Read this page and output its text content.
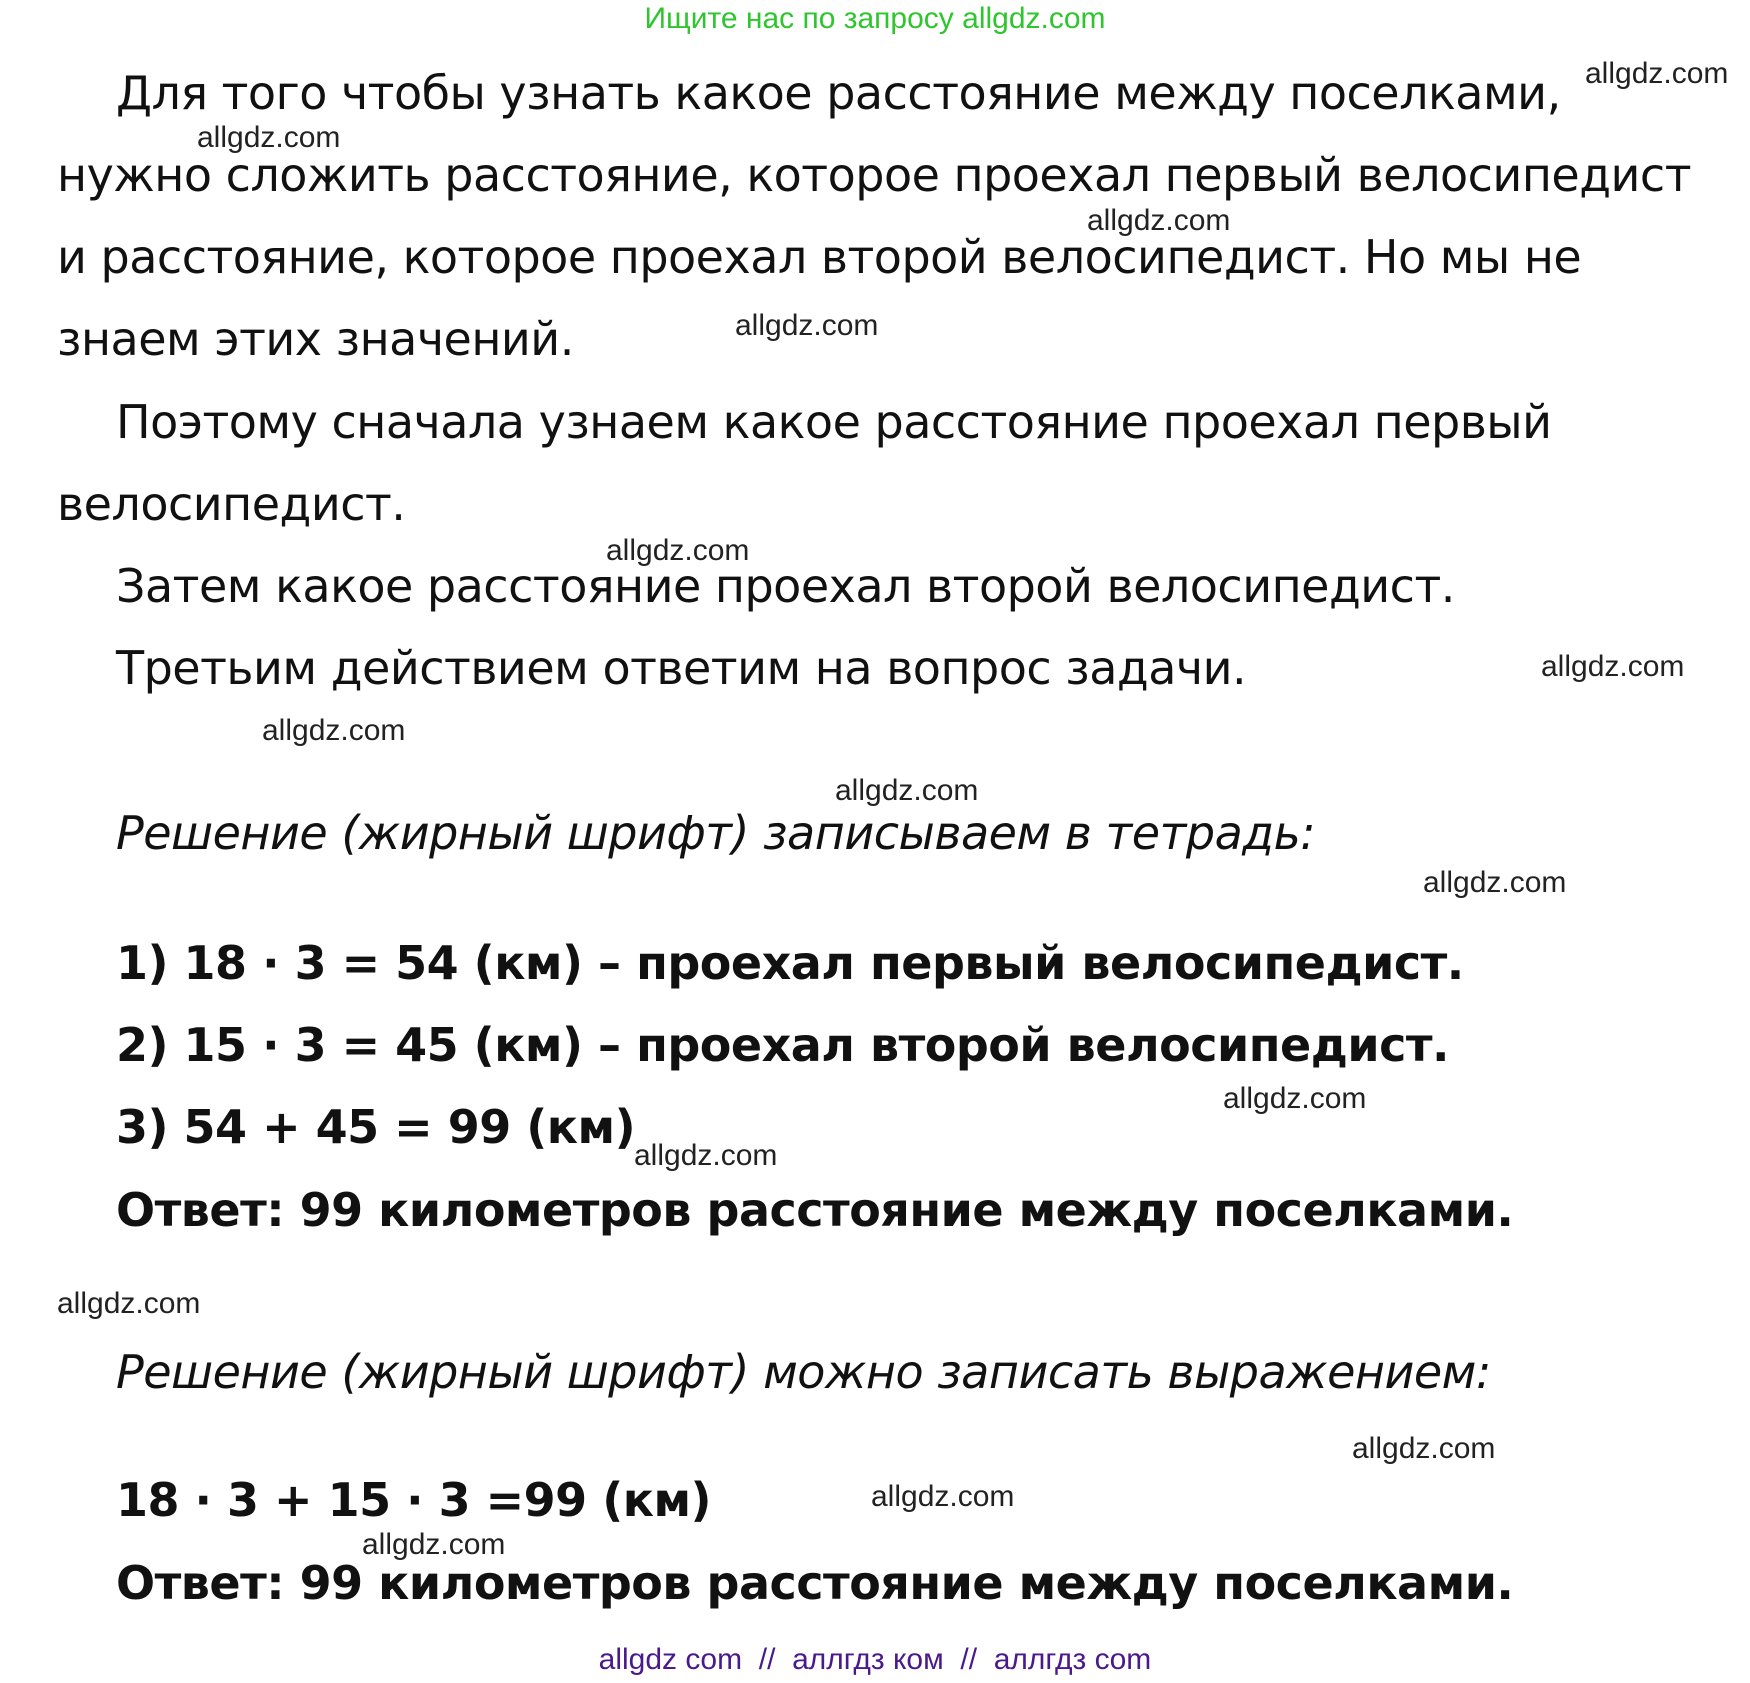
Ищите нас по запросу allgdz.com
Для того чтобы узнать какое расстояние между поселками,
нужно сложить расстояние, которое проехал первый велосипедист
и расстояние, которое проехал второй велосипедист. Но мы не
знаем этих значений.
Поэтому сначала узнаем какое расстояние проехал первый
велосипедист.
Затем какое расстояние проехал второй велосипедист.
Третьим действием ответим на вопрос задачи.
Решение (жирный шрифт) записываем в тетрадь:
1) 18 · 3 = 54 (км) – проехал первый велосипедист.
2) 15 · 3 = 45 (км) – проехал второй велосипедист.
3) 54 + 45 = 99 (км)
Ответ: 99 километров расстояние между поселками.
Решение (жирный шрифт) можно записать выражением:
18 · 3 + 15 · 3 =99 (км)
Ответ: 99 километров расстояние между поселками.
allgdz.com
allgdz.com
allgdz.com
allgdz.com
allgdz.com
allgdz.com
allgdz.com
allgdz.com
allgdz.com
allgdz.com
allgdz.com
allgdz.com
allgdz.com
allgdz.com
allgdz.com
allgdz com  //  аллгдз ком  //  аллгдз com
